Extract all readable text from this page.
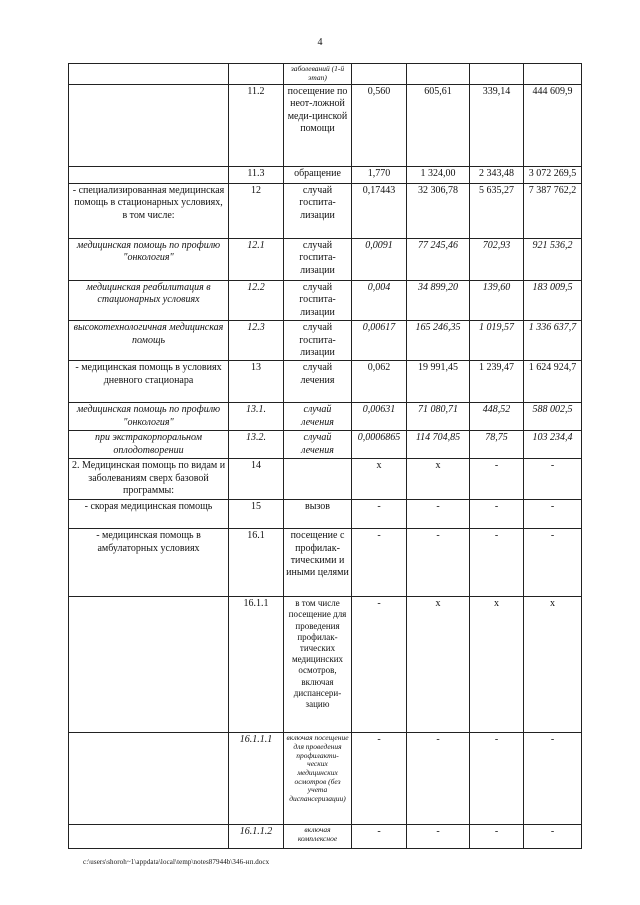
4
		заболеваний (1-й этап)				
	11.2	посещение по неот-ложной меди-цинской помощи	0,560	605,61	339,14	444 609,9
	11.3	обращение	1,770	1 324,00	2 343,48	3 072 269,5
- специализированная медицинская помощь в стационарных условиях, в том числе:	12	случай госпита-лизации	0,17443	32 306,78	5 635,27	7 387 762,2
медицинская помощь по профилю "онкология"	12.1	случай госпита-лизации	0,0091	77 245,46	702,93	921 536,2
медицинская реабилитация в стационарных условиях	12.2	случай госпита-лизации	0,004	34 899,20	139,60	183 009,5
высокотехнологичная медицинская помощь	12.3	случай госпита-лизации	0,00617	165 246,35	1 019,57	1 336 637,7
- медицинская помощь в условиях дневного стационара	13	случай лечения	0,062	19 991,45	1 239,47	1 624 924,7
медицинская помощь по профилю "онкология"	13.1.	случай лечения	0,00631	71 080,71	448,52	588 002,5
при экстракорпоральном оплодотворении	13.2.	случай лечения	0,0006865	114 704,85	78,75	103 234,4
2. Медицинская помощь по видам и заболеваниям сверх базовой программы:	14		х	х	-	-
- скорая медицинская помощь	15	вызов	-	-	-	-
- медицинская помощь в амбулаторных условиях	16.1	посещение с профилак-тическими и иными целями	-	-	-	-
	16.1.1	в том числе посещение для проведения профилак-тических медицинских осмотров, включая диспансери-зацию	-	х	х	х
	16.1.1.1	включая посещение для проведения профилакти-ческих медицинских осмотров (без учета диспансеризации)	-	-	-	-
	16.1.1.2	включая комплексное	-	-	-	-
c:\users\shoroh~1\appdata\local\temp\notes87944b\346-нп.docx
